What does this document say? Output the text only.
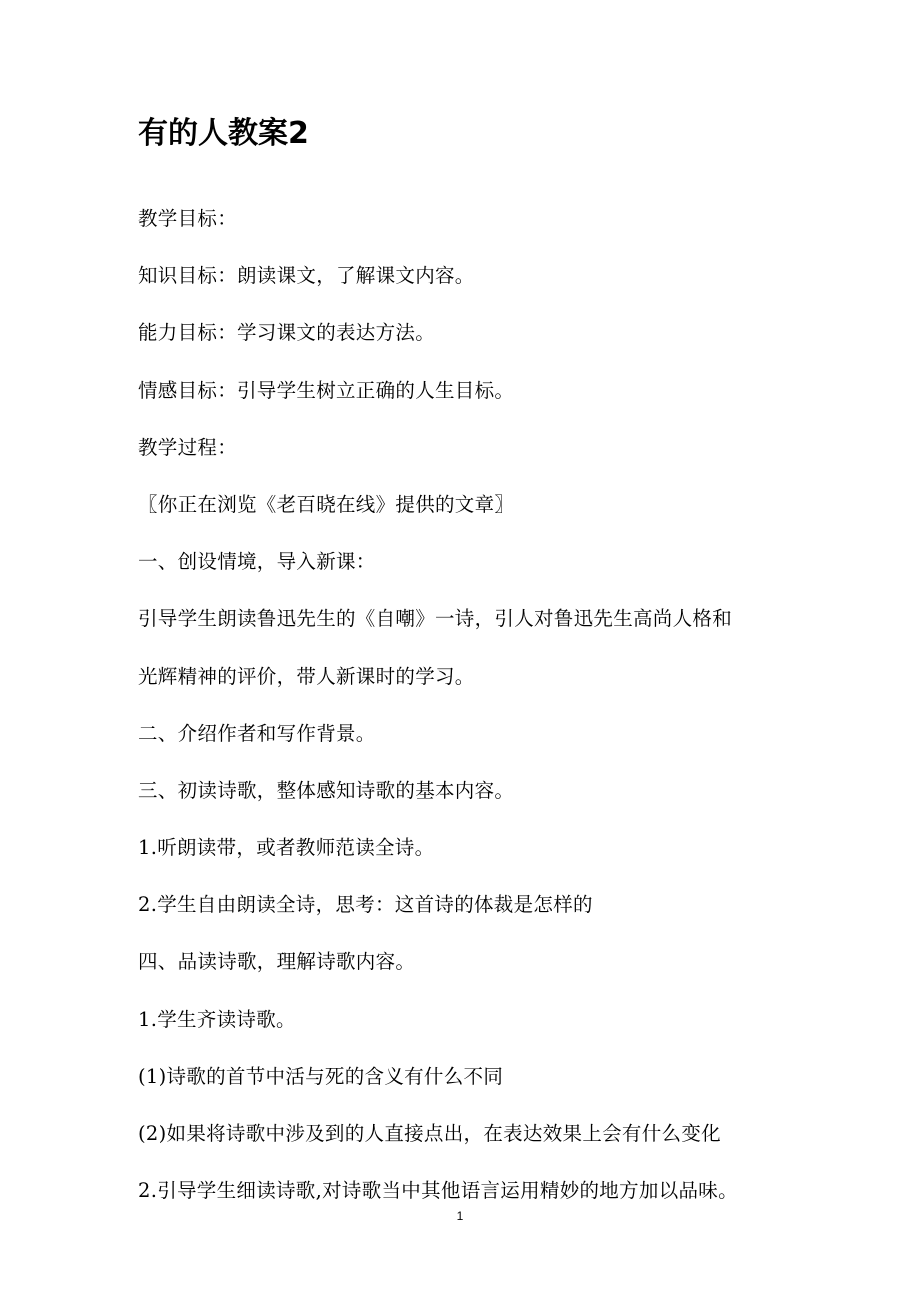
有的人教案2

教学目标：

知识目标：朗读课文，了解课文内容。

能力目标：学习课文的表达方法。

情感目标：引导学生树立正确的人生目标。

教学过程：

〖你正在浏览《老百晓在线》提供的文章〗

一、创设情境，导入新课：

引导学生朗读鲁迅先生的《自嘲》一诗，引人对鲁迅先生高尚人格和

光辉精神的评价，带人新课时的学习。

二、介绍作者和写作背景。

三、初读诗歌，整体感知诗歌的基本内容。

1.听朗读带，或者教师范读全诗。

2.学生自由朗读全诗，思考：这首诗的体裁是怎样的

四、品读诗歌，理解诗歌内容。

1.学生齐读诗歌。

(1)诗歌的首节中活与死的含义有什么不同

(2)如果将诗歌中涉及到的人直接点出，在表达效果上会有什么变化

2.引导学生细读诗歌,对诗歌当中其他语言运用精妙的地方加以品味。

1
